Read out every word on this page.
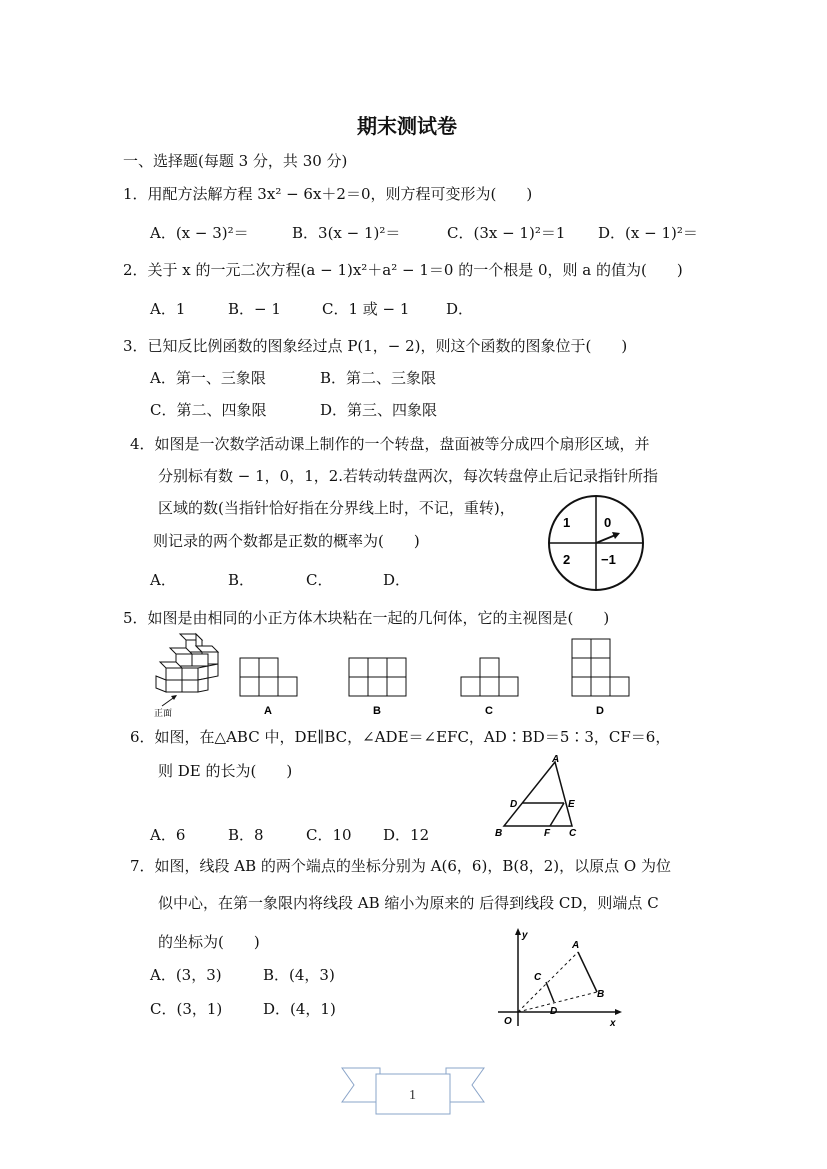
期末测试卷
一、选择题(每题 3 分，共 30 分)
1．用配方法解方程 3x² − 6x＋2＝0，则方程可变形为(　　)
A．(x − 3)²＝	B．3(x − 1)²＝	C．(3x − 1)²＝1 D．(x − 1)²＝
2．关于 x 的一元二次方程(a − 1)x²＋a² − 1＝0 的一个根是 0，则 a 的值为(　　)
A．1	B．− 1	C．1 或 − 1 D．
3．已知反比例函数的图象经过点 P(1，− 2)，则这个函数的图象位于(　　)
A．第一、三象限	B．第二、三象限
C．第二、四象限	D．第三、四象限
4．如图是一次数学活动课上制作的一个转盘，盘面被等分成四个扇形区域，并
分别标有数 − 1，0，1，2.若转动转盘两次，每次转盘停止后记录指针所指
区域的数(当指针恰好指在分界线上时，不记，重转)，
则记录的两个数都是正数的概率为(　　)
A．	B．	C．	D．
1	0
2 −1
5．如图是由相同的小正方体木块粘在一起的几何体，它的主视图是(　　)
正面	A	B	C	D
6．如图，在△ABC 中，DE∥BC，∠ADE＝∠EFC，AD∶BD＝5∶3，CF＝6，
则 DE 的长为(　　)
A．6	B．8	C．10 D．12
A
B	C
D	E
F
7．如图，线段 AB 的两个端点的坐标分别为 A(6，6)，B(8，2)，以原点 O 为位
似中心，在第一象限内将线段 AB 缩小为原来的 后得到线段 CD，则端点 C
的坐标为(　　)
A．(3，3)	B．(4，3)
C．(3，1)	D．(4，1)
y
x
O
A
B
C
D
1
